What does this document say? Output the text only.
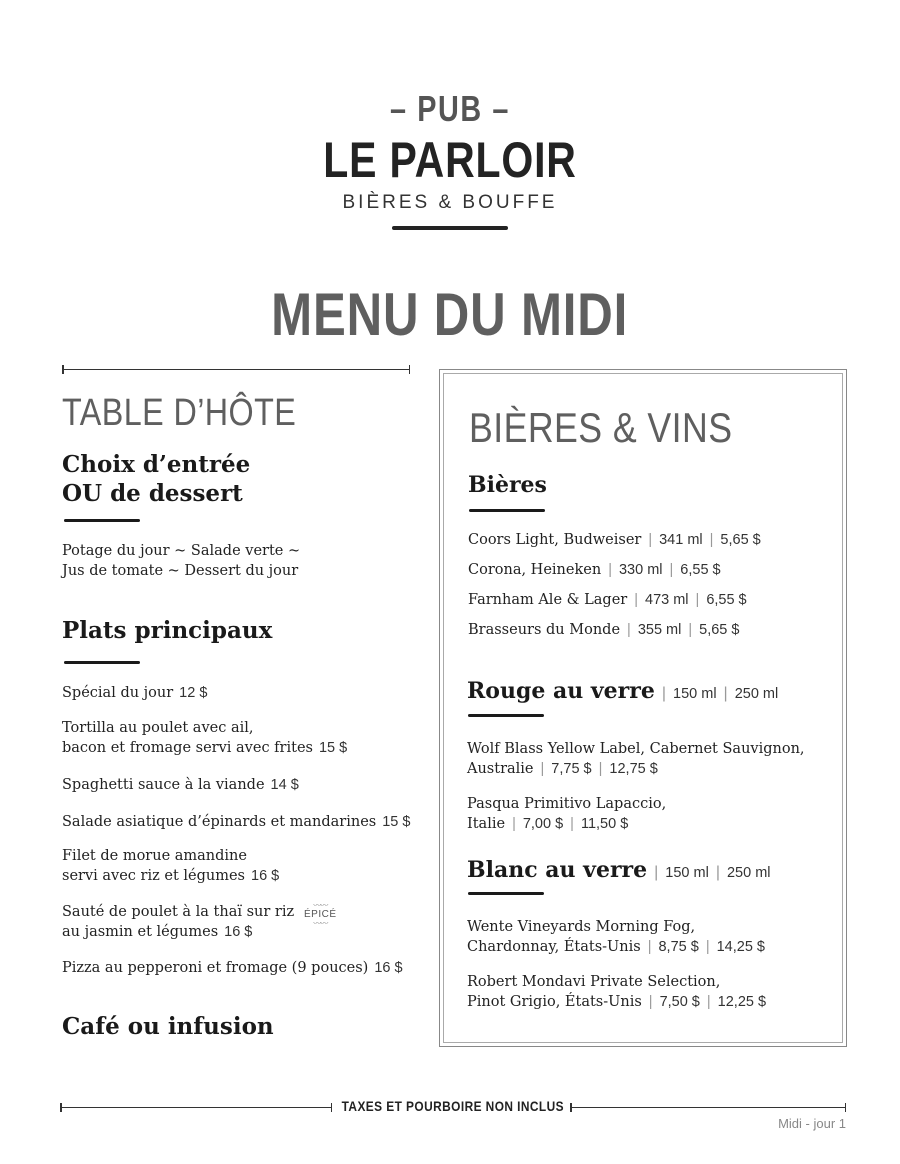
– PUB –
LE PARLOIR
BIÈRES & BOUFFE
MENU DU MIDI
TABLE D’HÔTE
Choix d’entrée
OU de dessert
Potage du jour ~ Salade verte ~
Jus de tomate ~ Dessert du jour
Plats principaux
Spécial du jour 12 $
Tortilla au poulet avec ail,
bacon et fromage servi avec frites 15 $
Spaghetti sauce à la viande 14 $
Salade asiatique d’épinards et mandarines 15 $
Filet de morue amandine
servi avec riz et légumes 16 $
Sauté de poulet à la thaï sur riz
au jasmin et légumes 16 $
〰〰
ÉPICÉ
〰〰
Pizza au pepperoni et fromage (9 pouces) 16 $
Café ou infusion
BIÈRES & VINS
Bières
Coors Light, Budweiser | 341 ml | 5,65 $
Corona, Heineken | 330 ml | 6,55 $
Farnham Ale & Lager | 473 ml | 6,55 $
Brasseurs du Monde | 355 ml | 5,65 $
Rouge au verre | 150 ml | 250 ml
Wolf Blass Yellow Label, Cabernet Sauvignon,
Australie | 7,75 $ | 12,75 $
Pasqua Primitivo Lapaccio,
Italie | 7,00 $ | 11,50 $
Blanc au verre | 150 ml | 250 ml
Wente Vineyards Morning Fog,
Chardonnay, États-Unis | 8,75 $ | 14,25 $
Robert Mondavi Private Selection,
Pinot Grigio, États-Unis | 7,50 $ | 12,25 $
TAXES ET POURBOIRE NON INCLUS
Midi - jour 1
